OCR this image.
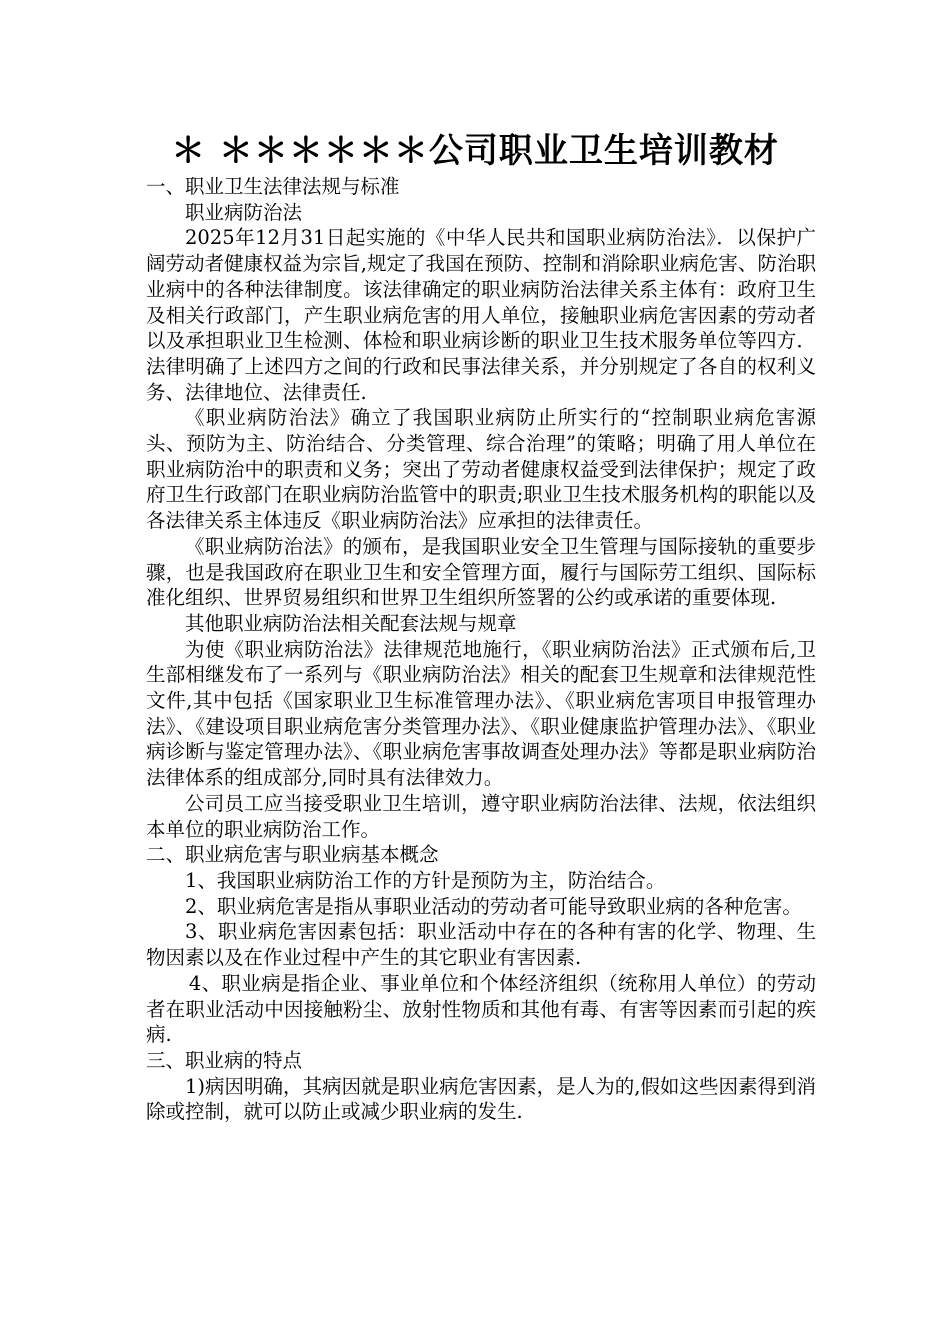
＊ ＊＊＊＊＊＊公司职业卫生培训教材

一、职业卫生法律法规与标准

职业病防治法

2025年12月31日起实施的《中华人民共和国职业病防治法》．以保护广阔劳动者健康权益为宗旨,规定了我国在预防、控制和消除职业病危害、防治职业病中的各种法律制度。该法律确定的职业病防治法律关系主体有：政府卫生及相关行政部门，产生职业病危害的用人单位，接触职业病危害因素的劳动者以及承担职业卫生检测、体检和职业病诊断的职业卫生技术服务单位等四方．法律明确了上述四方之间的行政和民事法律关系，并分别规定了各自的权利义务、法律地位、法律责任.

《职业病防治法》确立了我国职业病防止所实行的“控制职业病危害源头、预防为主、防治结合、分类管理、综合治理”的策略；明确了用人单位在职业病防治中的职责和义务；突出了劳动者健康权益受到法律保护；规定了政府卫生行政部门在职业病防治监管中的职责;职业卫生技术服务机构的职能以及各法律关系主体违反《职业病防治法》应承担的法律责任。

《职业病防治法》的颁布，是我国职业安全卫生管理与国际接轨的重要步骤，也是我国政府在职业卫生和安全管理方面，履行与国际劳工组织、国际标准化组织、世界贸易组织和世界卫生组织所签署的公约或承诺的重要体现.

其他职业病防治法相关配套法规与规章

为使《职业病防治法》法律规范地施行，《职业病防治法》正式颁布后,卫生部相继发布了一系列与《职业病防治法》相关的配套卫生规章和法律规范性文件,其中包括《国家职业卫生标准管理办法》、《职业病危害项目申报管理办法》、《建设项目职业病危害分类管理办法》、《职业健康监护管理办法》、《职业病诊断与鉴定管理办法》、《职业病危害事故调查处理办法》等都是职业病防治法律体系的组成部分,同时具有法律效力。

公司员工应当接受职业卫生培训，遵守职业病防治法律、法规，依法组织本单位的职业病防治工作。

二、职业病危害与职业病基本概念

1、我国职业病防治工作的方针是预防为主，防治结合。

2、职业病危害是指从事职业活动的劳动者可能导致职业病的各种危害。

3、职业病危害因素包括：职业活动中存在的各种有害的化学、物理、生物因素以及在作业过程中产生的其它职业有害因素.

4、职业病是指企业、事业单位和个体经济组织（统称用人单位）的劳动者在职业活动中因接触粉尘、放射性物质和其他有毒、有害等因素而引起的疾病.

三、职业病的特点

1)病因明确，其病因就是职业病危害因素，是人为的,假如这些因素得到消除或控制，就可以防止或减少职业病的发生.
